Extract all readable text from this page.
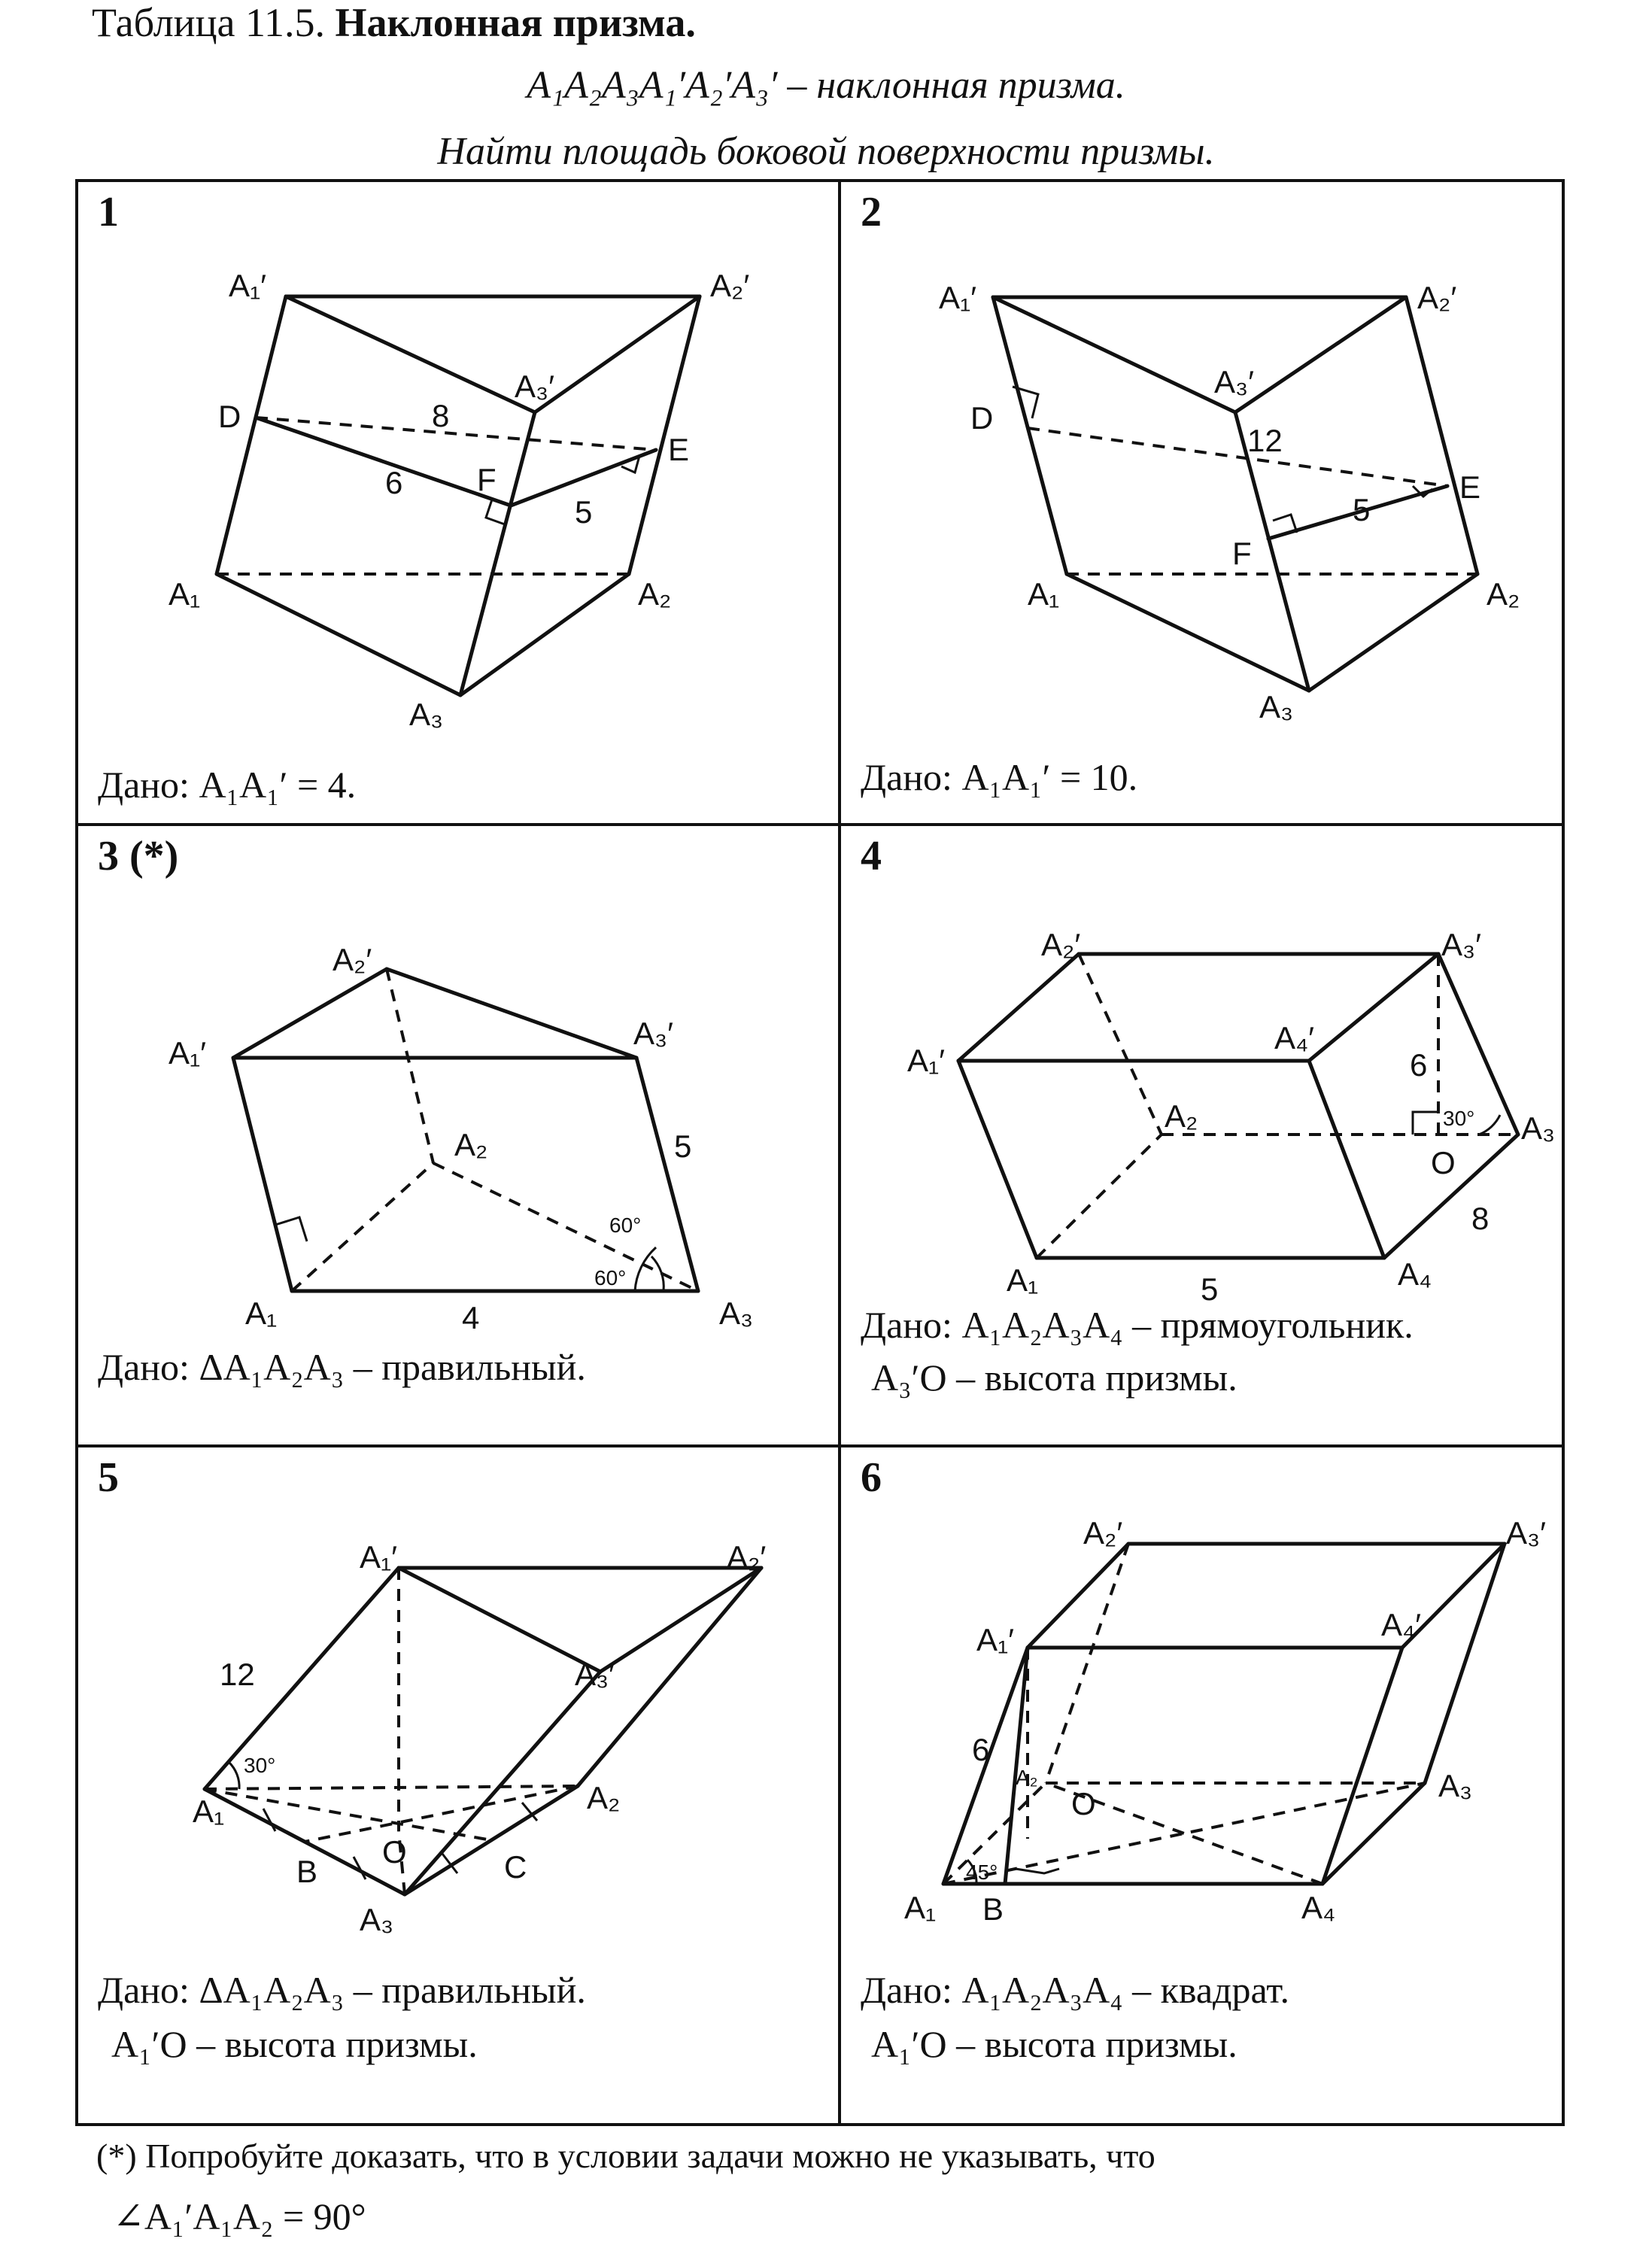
Таблица 11.5. Наклонная призма.
A₁A₂A₃A₁′A₂′A₃′ – наклонная призма.
Найти площадь боковой поверхности призмы.
1
A₁′	A₂′
A₃′
D
E
F
A₁	A₂
A₃
8
6
5
Дано: A₁A₁′ = 4.
2
A₁′	A₂′
A₃′
D
E
F
A₁	A₂
A₃
12
5
Дано: A₁A₁′ = 10.
3 (*)
A₂′
A₁′
A₃′
A₂
A₁	A₃
5
4
60°
60°
Дано: ΔA₁A₂A₃ – правильный.
4
A₂′	A₃′
A₁′
A₄′
A₂	A₃
O
A₁	A₄
6
5
8
30°
Дано: A₁A₂A₃A₄ – прямоугольник.
A₃′O – высота призмы.
5
A₁′	A₂′
A₃′
12
A₁	A₂
A₃
B	C
O
30°
Дано: ΔA₁A₂A₃ – правильный.
A₁′O – высота призмы.
6
A₂′	A₃′
A₁′	A₄′
6
A₂
O
A₃
A₁ B	A₄
45°
Дано: A₁A₂A₃A₄ – квадрат.
A₁′O – высота призмы.
(*) Попробуйте доказать, что в условии задачи можно не указывать, что
∠A₁′A₁A₂ = 90°
